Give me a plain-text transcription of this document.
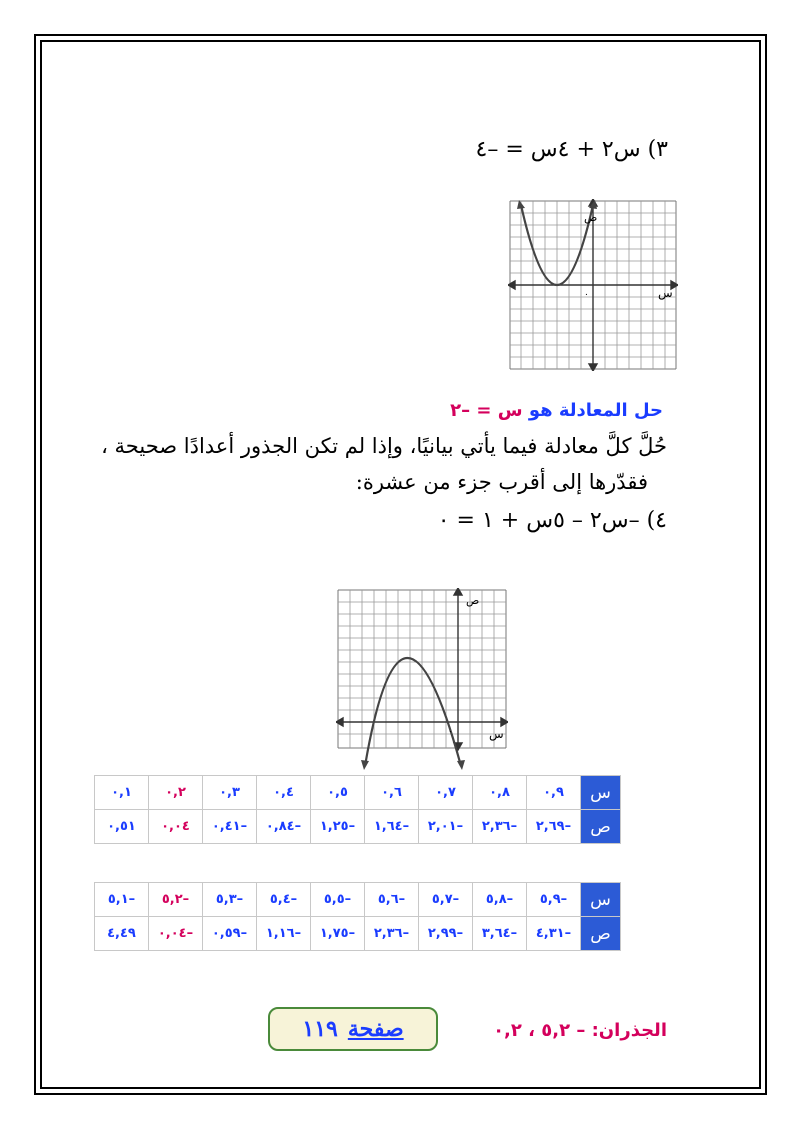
٣) س٢ + ٤س = –٤
ص
س
٠
حل المعادلة هو س = –٢
حُلَّ كلَّ معادلة فيما يأتي بيانيًا، وإذا لم تكن الجذور أعدادًا صحيحة ،
فقدّرها إلى أقرب جزء من عشرة:
٤) –س٢ – ٥س + ١ = ٠
ص
س
٠
س	٠,٩	٠,٨	٠,٧	٠,٦	٠,٥	٠,٤	٠,٣	٠,٢	٠,١
ص	–٢,٦٩	–٢,٣٦	–٢,٠١	–١,٦٤	–١,٢٥	–٠,٨٤	–٠,٤١	٠,٠٤	٠,٥١
س	–٥,٩	–٥,٨	–٥,٧	–٥,٦	–٥,٥	–٥,٤	–٥,٣	–٥,٢	–٥,١
ص	–٤,٣١	–٣,٦٤	–٢,٩٩	–٢,٣٦	–١,٧٥	–١,١٦	–٠,٥٩	–٠,٠٤	٤,٤٩
صفحة
١١٩	الجذران: – ٥,٢ ، ٠,٢
